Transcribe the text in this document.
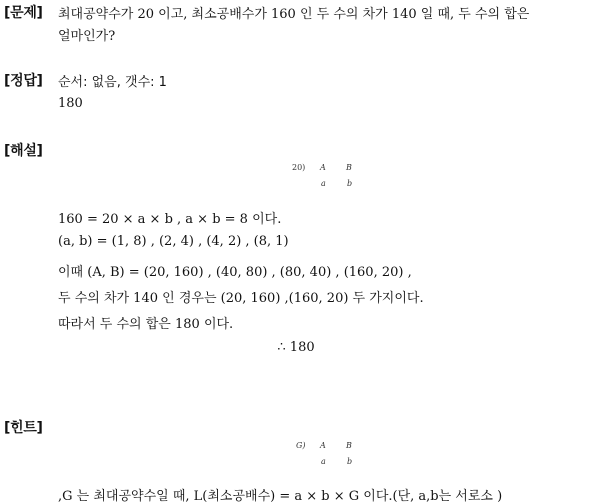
[문제] 최대공약수가 20 이고, 최소공배수가 160 인 두 수의 차가 140 일 때, 두 수의 합은
얼마인가?
[정답] 순서: 없음, 갯수: 1
180
[해설]
20) A	B
a	b
160 = 20 × a × b , a × b = 8 이다.
(a, b) = (1, 8) , (2, 4) , (4, 2) , (8, 1)
이때 (A, B) = (20, 160) , (40, 80) , (80, 40) , (160, 20) ,
두 수의 차가 140 인 경우는 (20, 160) ,(160, 20) 두 가지이다.
따라서 두 수의 합은 180 이다.
∴ 180
[힌트]
G) A	B
a	b
,G 는 최대공약수일 때, L(최소공배수) = a × b × G 이다.(단, a,b는 서로소 )
